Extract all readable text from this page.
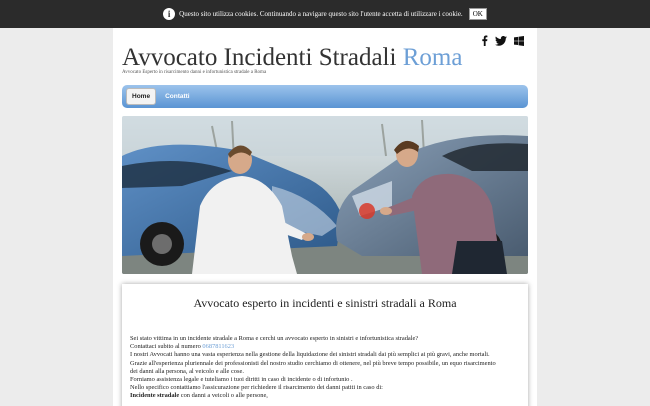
i	Questo sito utilizza cookies. Continuando a navigare questo sito l'utente accetta di utilizzare i cookie.	OK
Avvocato Incidenti Stradali Roma
Avvocato Esperto in risarcimento danni e infortunistica stradale a Roma
Home	Contatti
Avvocato esperto in incidenti e sinistri stradali a Roma

Sei stato vittima in un incidente stradale a Roma e cerchi un avvocato esperto in sinistri e infortunistica stradale?

Contattaci subito al numero 0687811623

I nostri Avvocati hanno una vasta esperienza nella gestione della liquidazione dei sinistri stradali dai più semplici ai più gravi, anche mortali.

Grazie all'esperienza pluriennale dei professionisti del nostro studio cerchiamo di ottenere, nel più breve tempo possibile, un equo risarcimento

dei danni alla persona, al veicolo e alle cose.

Forniamo assistenza legale e tuteliamo i tuoi diritti in caso di incidente o di infortunio .

Nello specifico contattiamo l'assicurazione per richiedere il risarcimento dei danni patiti in caso di:

Incidente stradale con danni a veicoli o alle persone,
